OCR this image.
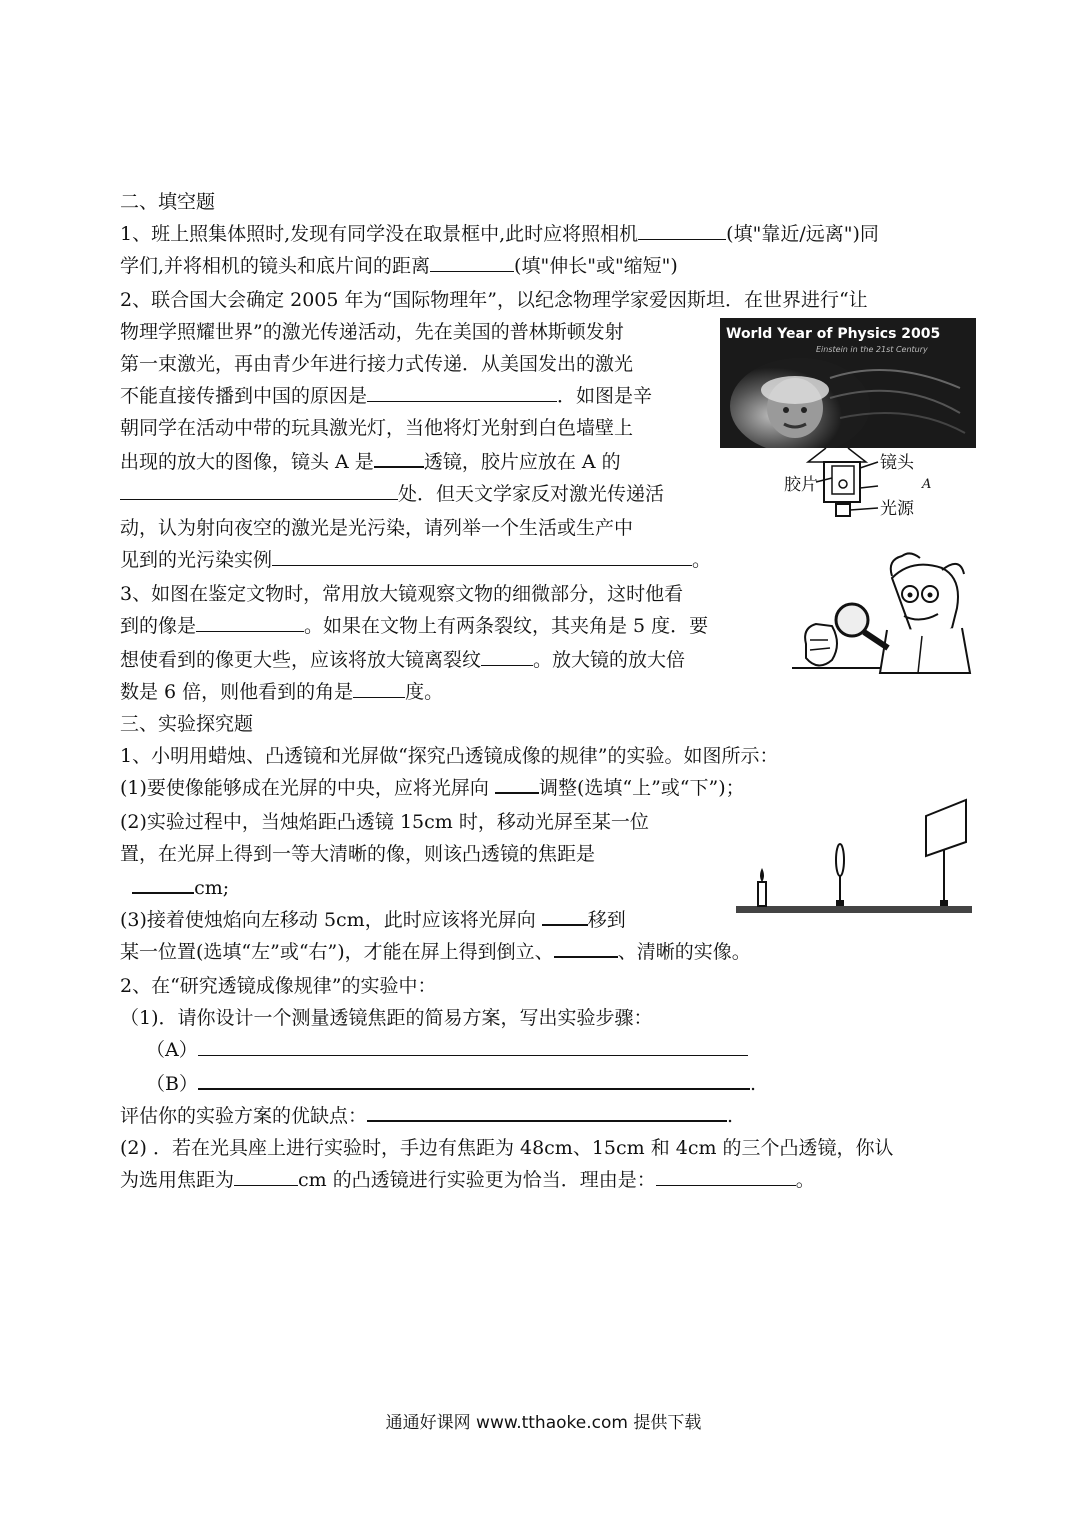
二、填空题
1、班上照集体照时,发现有同学没在取景框中,此时应将照相机	(填"靠近/远离")同
学们,并将相机的镜头和底片间的距离	(填"伸长"或"缩短")
2、联合国大会确定 2005 年为“国际物理年”，以纪念物理学家爱因斯坦．在世界进行“让
物理学照耀世界”的激光传递活动，先在美国的普林斯顿发射
第一束激光，再由青少年进行接力式传递．从美国发出的激光
不能直接传播到中国的原因是	．如图是辛
朝同学在活动中带的玩具激光灯，当他将灯光射到白色墙壁上
出现的放大的图像，镜头 A 是	透镜，胶片应放在 A 的
处．但天文学家反对激光传递活
动，认为射向夜空的激光是光污染，请列举一个生活或生产中
见到的光污染实例	。
World Year of Physics 2005
Einstein in the 21st Century
胶片
镜头
A
光源
3、如图在鉴定文物时，常用放大镜观察文物的细微部分，这时他看
到的像是	。如果在文物上有两条裂纹，其夹角是 5 度．要
想使看到的像更大些，应该将放大镜离裂纹	。放大镜的放大倍
数是 6 倍，则他看到的角是	度。
三、实验探究题
1、小明用蜡烛、凸透镜和光屏做“探究凸透镜成像的规律”的实验。如图所示：
(1)要使像能够成在光屏的中央，应将光屏向	调整(选填“上”或“下”)；
(2)实验过程中，当烛焰距凸透镜 15cm 时，移动光屏至某一位
置，在光屏上得到一等大清晰的像，则该凸透镜的焦距是
cm;
(3)接着使烛焰向左移动 5cm，此时应该将光屏向	移到
某一位置(选填“左”或“右”)，才能在屏上得到倒立、	、清晰的实像。
2、在“研究透镜成像规律”的实验中：
（1)．请你设计一个测量透镜焦距的简易方案，写出实验步骤：
（A）
（B）	.
评估你的实验方案的优缺点：	.
(2) ．若在光具座上进行实验时，手边有焦距为 48cm、15cm 和 4cm 的三个凸透镜，你认
为选用焦距为	cm 的凸透镜进行实验更为恰当．理由是：	。
通通好课网 www.tthaoke.com 提供下载
